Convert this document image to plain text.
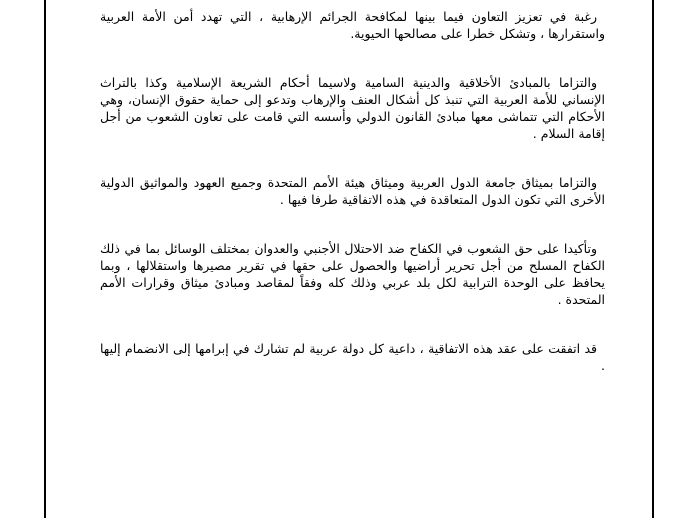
رغبة في تعزيز التعاون فيما بينها لمكافحة الجرائم الإرهابية ، التي تهدد أمن الأمة العربية واستقرارها ، وتشكل خطرا على مصالحها الحيوية.

والتزاما بالمبادئ الأخلاقية والدينية السامية ولاسيما أحكام الشريعة الإسلامية وكذا بالتراث الإنساني للأمة العربية التي تنبذ كل أشكال العنف والإرهاب وتدعو إلى حماية حقوق الإنسان، وهي الأحكام التي تتماشى معها مبادئ القانون الدولي وأسسه التي قامت على تعاون الشعوب من أجل إقامة السلام .

والتزاما بميثاق جامعة الدول العربية وميثاق هيئة الأمم المتحدة وجميع العهود والمواثيق الدولية الأخرى التي تكون الدول المتعاقدة في هذه الاتفاقية طرفا فيها .

وتأكيدا على حق الشعوب في الكفاح ضد الاحتلال الأجنبي والعدوان بمختلف الوسائل بما في ذلك الكفاح المسلح من أجل تحرير أراضيها والحصول على حقها في تقرير مصيرها واستقلالها ، وبما يحافظ على الوحدة الترابية لكل بلد عربي وذلك كله وفقاً لمقاصد ومبادئ ميثاق وقرارات الأمم المتحدة .

قد اتفقت على عقد هذه الاتفاقية ، داعية كل دولة عربية لم تشارك في إبرامها إلى الانضمام إليها .
